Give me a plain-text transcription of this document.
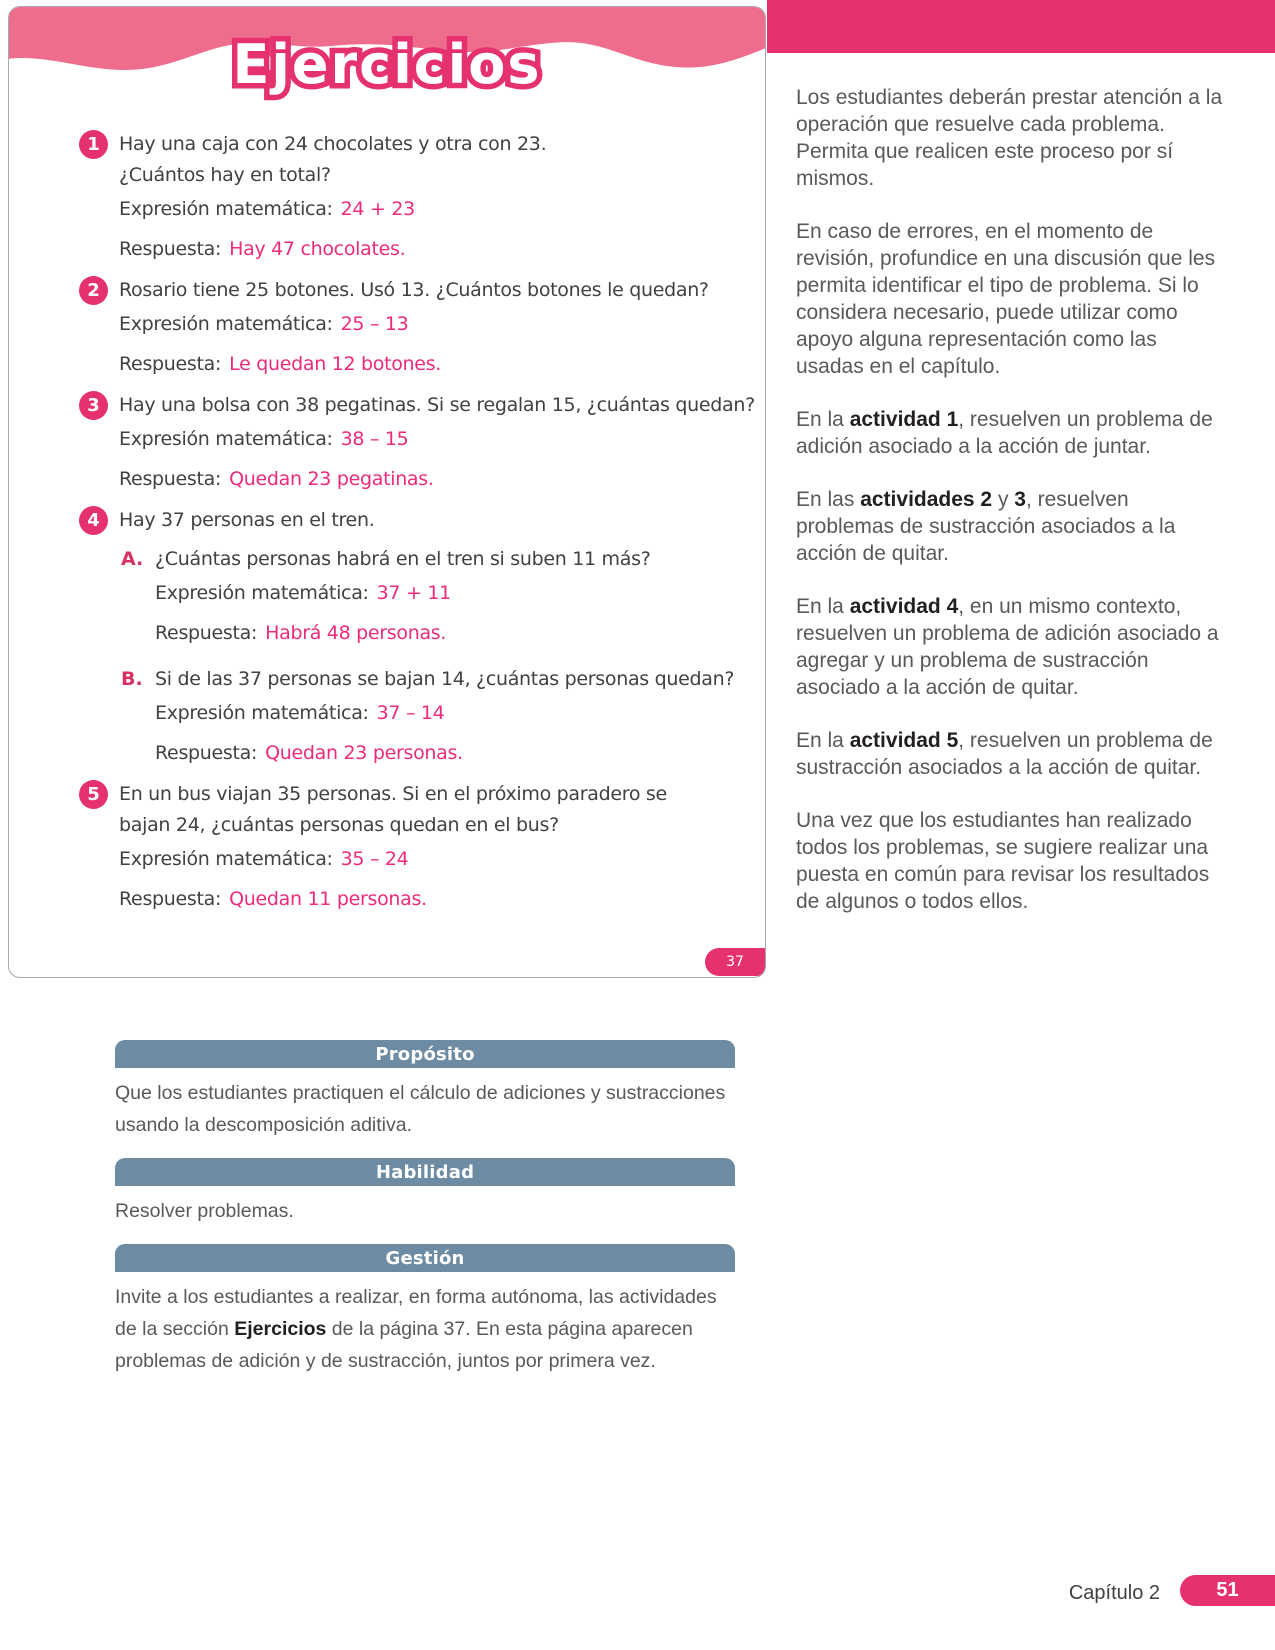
Ejercicios
1	Hay una caja con 24 chocolates y otra con 23.
¿Cuántos hay en total?
Expresión matemática: 24 + 23
Respuesta: Hay 47 chocolates.
2	Rosario tiene 25 botones. Usó 13. ¿Cuántos botones le quedan?
Expresión matemática: 25 – 13
Respuesta: Le quedan 12 botones.
3	Hay una bolsa con 38 pegatinas. Si se regalan 15, ¿cuántas quedan?
Expresión matemática: 38 – 15
Respuesta: Quedan 23 pegatinas.
4	Hay 37 personas en el tren.
A. ¿Cuántas personas habrá en el tren si suben 11 más?
Expresión matemática: 37 + 11
Respuesta: Habrá 48 personas.
B. Si de las 37 personas se bajan 14, ¿cuántas personas quedan?
Expresión matemática: 37 – 14
Respuesta: Quedan 23 personas.
5	En un bus viajan 35 personas. Si en el próximo paradero se
bajan 24, ¿cuántas personas quedan en el bus?
Expresión matemática: 35 – 24
Respuesta: Quedan 11 personas.
37

Los estudiantes deberán prestar atención a la operación que resuelve cada problema. Permita que realicen este proceso por sí mismos.

En caso de errores, en el momento de revisión, profundice en una discusión que les permita identificar el tipo de problema. Si lo considera necesario, puede utilizar como apoyo alguna representación como las usadas en el capítulo.

En la actividad 1, resuelven un problema de adición asociado a la acción de juntar.

En las actividades 2 y 3, resuelven problemas de sustracción asociados a la acción de quitar.

En la actividad 4, en un mismo contexto, resuelven un problema de adición asociado a agregar y un problema de sustracción asociado a la acción de quitar.

En la actividad 5, resuelven un problema de sustracción asociados a la acción de quitar.

Una vez que los estudiantes han realizado todos los problemas, se sugiere realizar una puesta en común para revisar los resultados de algunos o todos ellos.

Propósito

Que los estudiantes practiquen el cálculo de adiciones y sustracciones usando la descomposición aditiva.

Habilidad

Resolver problemas.

Gestión

Invite a los estudiantes a realizar, en forma autónoma, las actividades de la sección Ejercicios de la página 37. En esta página aparecen problemas de adición y de sustracción, juntos por primera vez.

Capítulo 2	51
